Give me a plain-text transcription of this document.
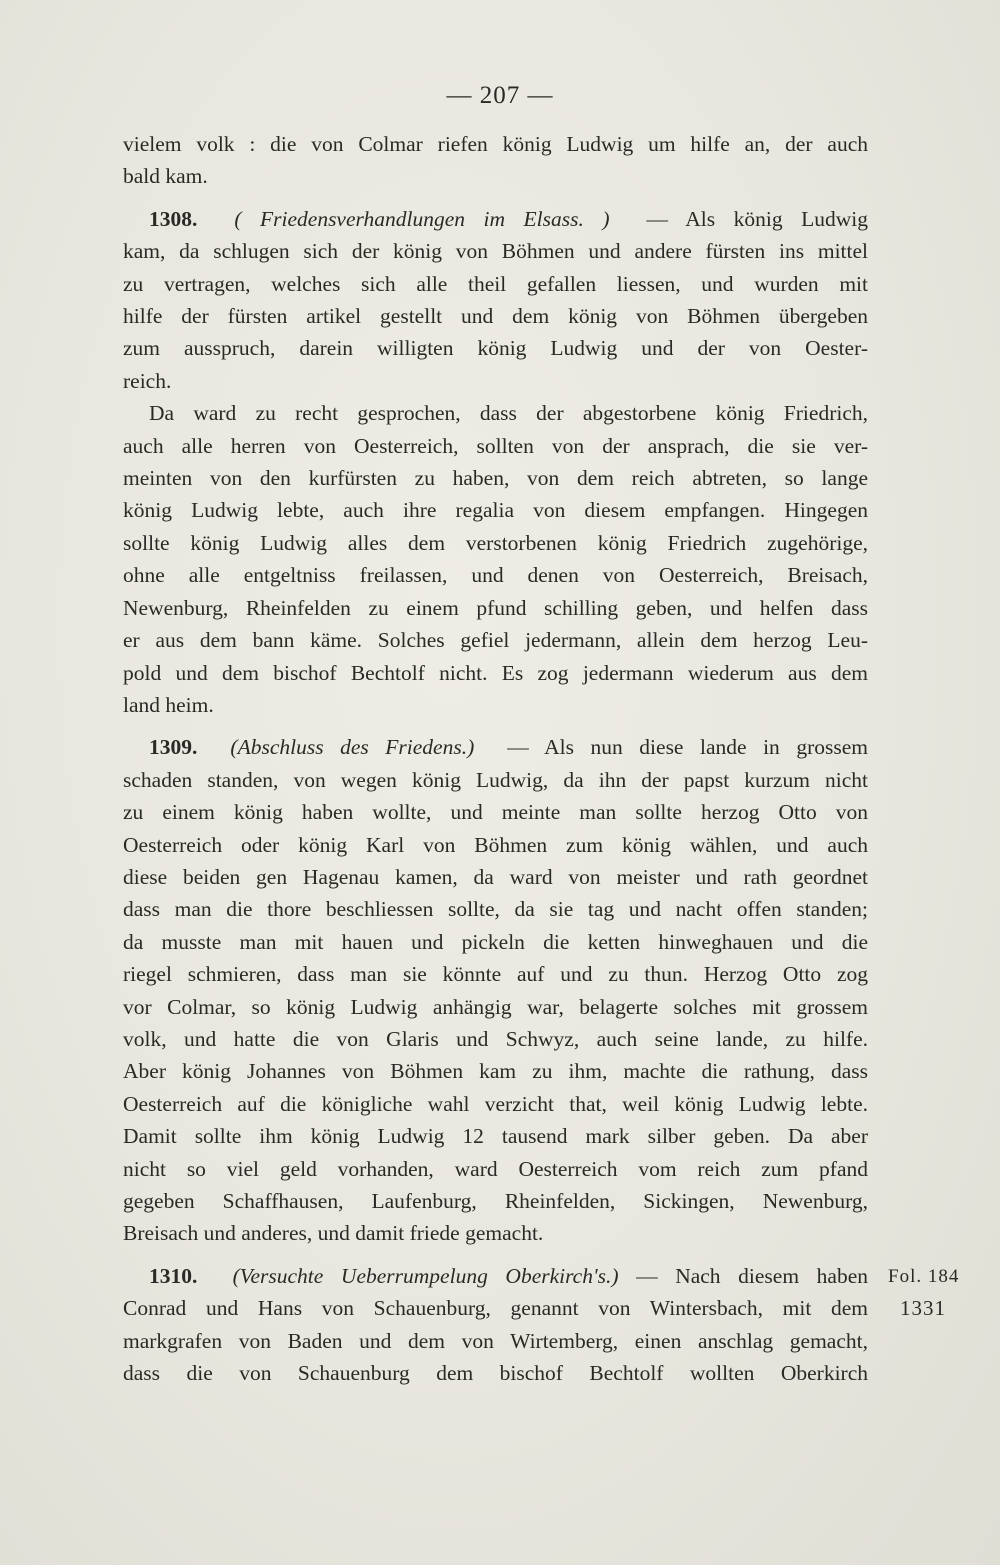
— 207 —
vielem volk : die von Colmar riefen könig Ludwig um hilfe an, der auch
bald kam.
1308. ( Friedensverhandlungen im Elsass. ) — Als könig Ludwig
kam, da schlugen sich der könig von Böhmen und andere fürsten ins mittel
zu vertragen, welches sich alle theil gefallen liessen, und wurden mit
hilfe der fürsten artikel gestellt und dem könig von Böhmen übergeben
zum ausspruch, darein willigten könig Ludwig und der von Oester-
reich.
Da ward zu recht gesprochen, dass der abgestorbene könig Friedrich,
auch alle herren von Oesterreich, sollten von der ansprach, die sie ver-
meinten von den kurfürsten zu haben, von dem reich abtreten, so lange
könig Ludwig lebte, auch ihre regalia von diesem empfangen. Hingegen
sollte könig Ludwig alles dem verstorbenen könig Friedrich zugehörige,
ohne alle entgeltniss freilassen, und denen von Oesterreich, Breisach,
Newenburg, Rheinfelden zu einem pfund schilling geben, und helfen dass
er aus dem bann käme. Solches gefiel jedermann, allein dem herzog Leu-
pold und dem bischof Bechtolf nicht. Es zog jedermann wiederum aus dem
land heim.
1309. (Abschluss des Friedens.) — Als nun diese lande in grossem
schaden standen, von wegen könig Ludwig, da ihn der papst kurzum nicht
zu einem könig haben wollte, und meinte man sollte herzog Otto von
Oesterreich oder könig Karl von Böhmen zum könig wählen, und auch
diese beiden gen Hagenau kamen, da ward von meister und rath geordnet
dass man die thore beschliessen sollte, da sie tag und nacht offen standen;
da musste man mit hauen und pickeln die ketten hinweghauen und die
riegel schmieren, dass man sie könnte auf und zu thun. Herzog Otto zog
vor Colmar, so könig Ludwig anhängig war, belagerte solches mit grossem
volk, und hatte die von Glaris und Schwyz, auch seine lande, zu hilfe.
Aber könig Johannes von Böhmen kam zu ihm, machte die rathung, dass
Oesterreich auf die königliche wahl verzicht that, weil könig Ludwig lebte.
Damit sollte ihm könig Ludwig 12 tausend mark silber geben. Da aber
nicht so viel geld vorhanden, ward Oesterreich vom reich zum pfand
gegeben Schaffhausen, Laufenburg, Rheinfelden, Sickingen, Newenburg,
Breisach und anderes, und damit friede gemacht.
1310. (Versuchte Ueberrumpelung Oberkirch's.) — Nach diesem haben
Conrad und Hans von Schauenburg, genannt von Wintersbach, mit dem
markgrafen von Baden und dem von Wirtemberg, einen anschlag gemacht,
dass die von Schauenburg dem bischof Bechtolf wollten Oberkirch
Fol. 184
1331
